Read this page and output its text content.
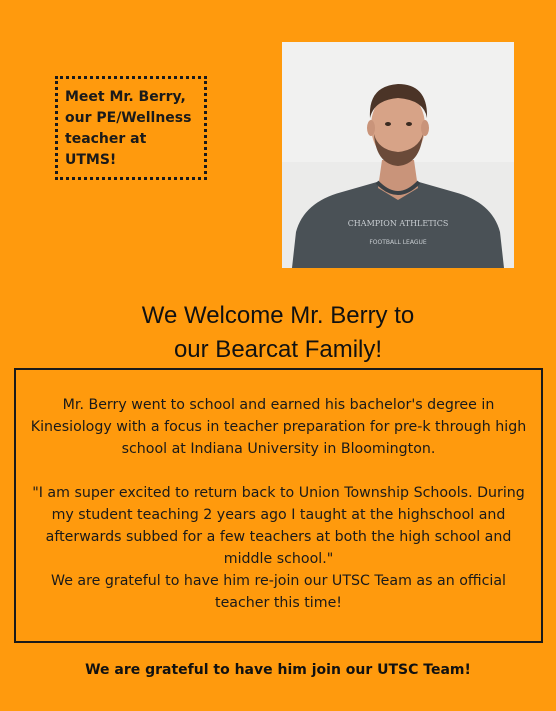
Meet Mr. Berry, our PE/Wellness teacher at UTMS!
CHAMPION ATHLETICS
FOOTBALL LEAGUE
We Welcome Mr. Berry to
our Bearcat Family!

Mr. Berry went to school and earned his bachelor's degree in Kinesiology with a focus in teacher preparation for pre-k through high school at Indiana University in Bloomington.

"I am super excited to return back to Union Township Schools. During my student teaching 2 years ago I taught at the highschool and afterwards subbed for a few teachers at both the high school and middle school."

We are grateful to have him re-join our UTSC Team as an official teacher this time!

We are grateful to have him join our UTSC Team!
